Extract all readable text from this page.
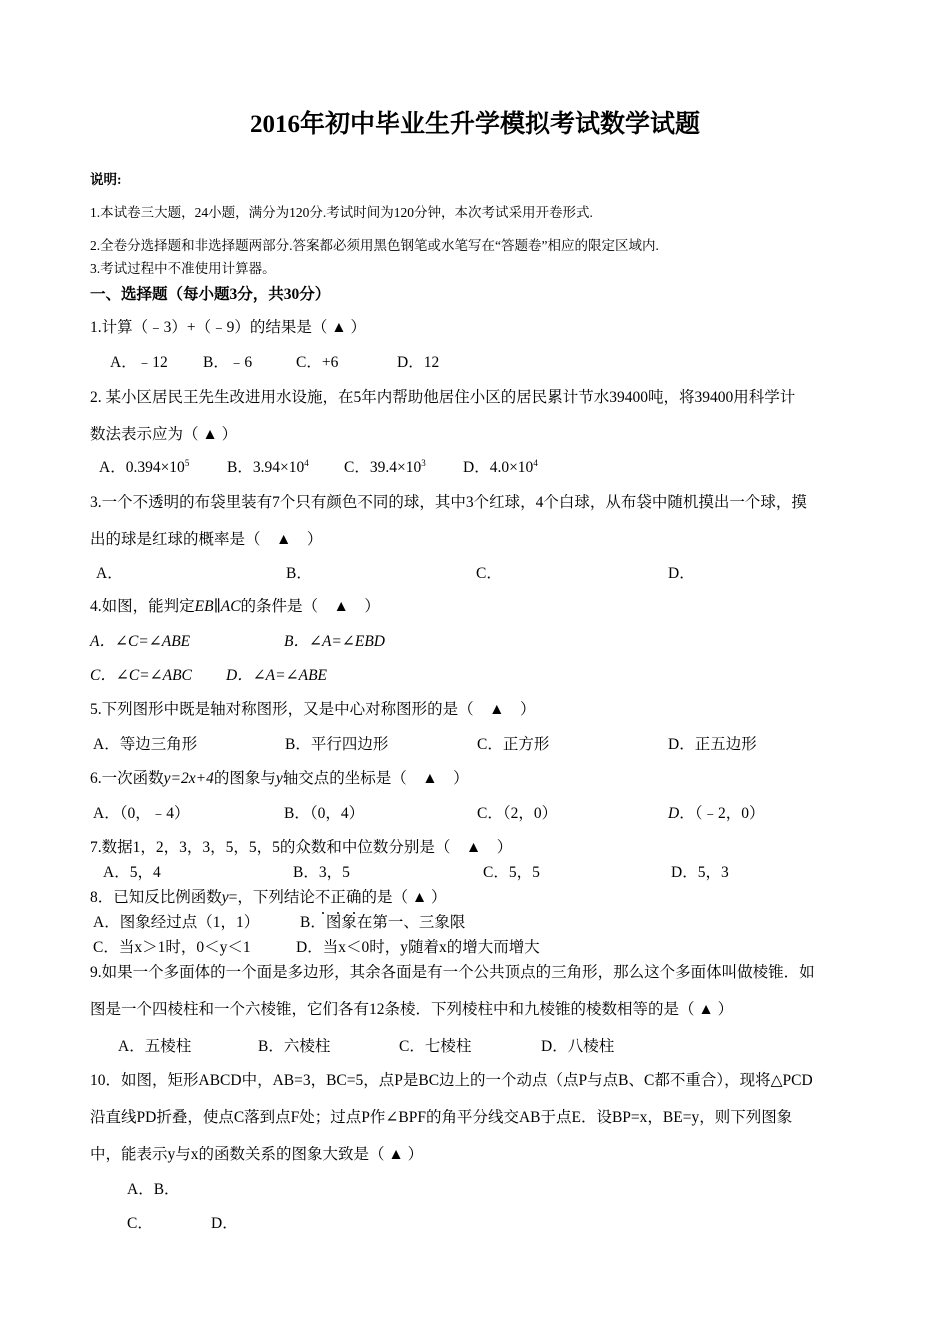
2016年初中毕业生升学模拟考试数学试题
说明:
1.本试卷三大题，24小题，满分为120分.考试时间为120分钟，本次考试采用开卷形式.
2.全卷分选择题和非选择题两部分.答案都必须用黑色钢笔或水笔写在“答题卷”相应的限定区域内.
3.考试过程中不准使用计算器。
一、选择题（每小题3分，共30分）
1.计算（﹣3）+（﹣9）的结果是（ ▲ ）
A．﹣12 B．﹣6	C．+6	D．12
2. 某小区居民王先生改进用水设施，在5年内帮助他居住小区的居民累计节水39400吨，将39400用科学计
数法表示应为（ ▲ ）
A．$0.394\times 10^5$ B．$3.94\times 10^4$ C．$39.4\times 10^3$ D．$4.0\times 10^4$
3.一个不透明的布袋里装有7个只有颜色不同的球，其中3个红球，4个白球，从布袋中随机摸出一个球，摸
出的球是红球的概率是（　▲　）
A．	B．	C．	D．
4.如图，能判定EB∥AC的条件是（　▲　）
A．∠C=∠ABE	B．∠A=∠EBD
C．∠C=∠ABC D．∠A=∠ABE
5.下列图形中既是轴对称图形，又是中心对称图形的是（　▲　）
A．等边三角形	B．平行四边形	C．正方形	D．正五边形
6.一次函数y=2x+4的图象与y轴交点的坐标是（　▲　）
A．（0，﹣4）	B．（0，4）	C．（2，0）	D．（﹣2，0）
7.数据1，2，3，3，5，5，5的众数和中位数分别是（　▲　）
A．5，4	B．3，5	C．5，5	D．5，3
8．已知反比例函数y=，下列结论不正确的是（ ▲ ）
A．图象经过点（1，1）	B．图象在第一、三象限
C．当x＞1时，0＜y＜1	D．当x＜0时，y随着x的增大而增大
9.如果一个多面体的一个面是多边形，其余各面是有一个公共顶点的三角形，那么这个多面体叫做棱锥．如
图是一个四棱柱和一个六棱锥，它们各有12条棱．下列棱柱中和九棱锥的棱数相等的是（ ▲ ）
A．五棱柱	B．六棱柱	C．七棱柱	D．八棱柱
10．如图，矩形ABCD中，AB=3，BC=5，点P是BC边上的一个动点（点P与点B、C都不重合），现将△PCD
沿直线PD折叠，使点C落到点F处；过点P作∠BPF的角平分线交AB于点E．设BP=x，BE=y，则下列图象
中，能表示y与x的函数关系的图象大致是（ ▲ ）
A．B．
C．	D．
